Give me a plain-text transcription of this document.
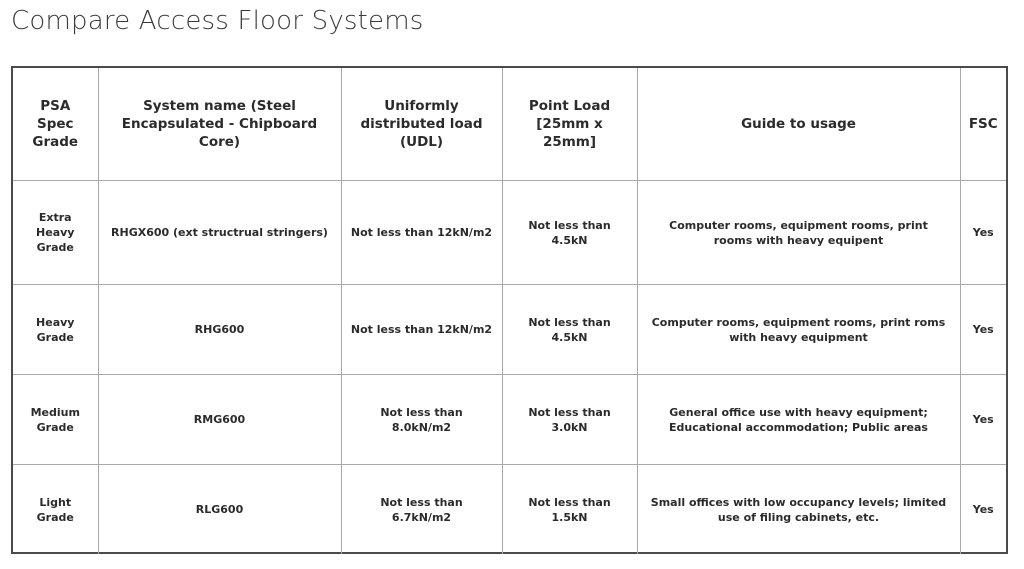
Compare Access Floor Systems
PSA Spec Grade	System name (Steel Encapsulated - Chipboard Core)	Uniformly distributed load (UDL)	Point Load [25mm x 25mm]	Guide to usage	FSC
Extra Heavy Grade	RHGX600 (ext structrual stringers)	Not less than 12kN/m2	Not less than 4.5kN	Computer rooms, equipment rooms, print rooms with heavy equipent	Yes
Heavy Grade	RHG600	Not less than 12kN/m2	Not less than 4.5kN	Computer rooms, equipment rooms, print roms with heavy equipment	Yes
Medium Grade	RMG600	Not less than 8.0kN/m2	Not less than 3.0kN	General office use with heavy equipment; Educational accommodation; Public areas	Yes
Light Grade	RLG600	Not less than 6.7kN/m2	Not less than 1.5kN	Small offices with low occupancy levels; limited use of filing cabinets, etc.	Yes
